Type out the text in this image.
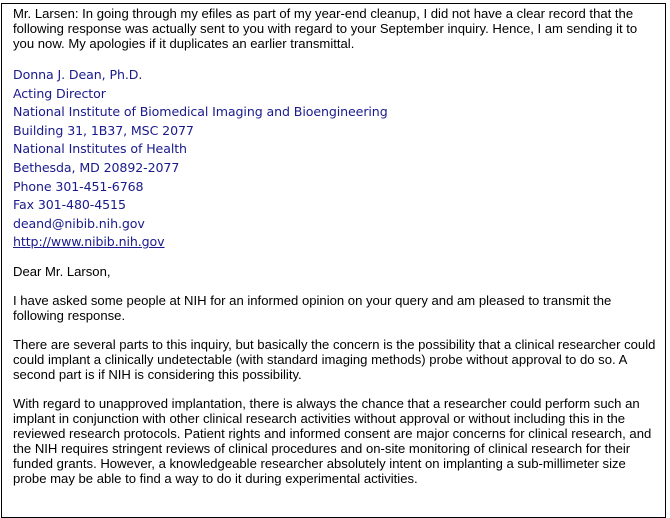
Mr. Larsen: In going through my efiles as part of my year-end cleanup, I did not have a clear record that the following response was actually sent to you with regard to your September inquiry. Hence, I am sending it to you now. My apologies if it duplicates an earlier transmittal.

Donna J. Dean, Ph.D.
Acting Director
National Institute of Biomedical Imaging and Bioengineering
Building 31, 1B37, MSC 2077
National Institutes of Health
Bethesda, MD 20892-2077
Phone 301-451-6768
Fax 301-480-4515
deand@nibib.nih.gov
http://www.nibib.nih.gov

Dear Mr. Larson,

I have asked some people at NIH for an informed opinion on your query and am pleased to transmit the following response.

There are several parts to this inquiry, but basically the concern is the possibility that a clinical researcher could could implant a clinically undetectable (with standard imaging methods) probe without approval to do so. A second part is if NIH is considering this possibility.

With regard to unapproved implantation, there is always the chance that a researcher could perform such an implant in conjunction with other clinical research activities without approval or without including this in the reviewed research protocols. Patient rights and informed consent are major concerns for clinical research, and the NIH requires stringent reviews of clinical procedures and on-site monitoring of clinical research for their funded grants. However, a knowledgeable researcher absolutely intent on implanting a sub-millimeter size probe may be able to find a way to do it during experimental activities.
